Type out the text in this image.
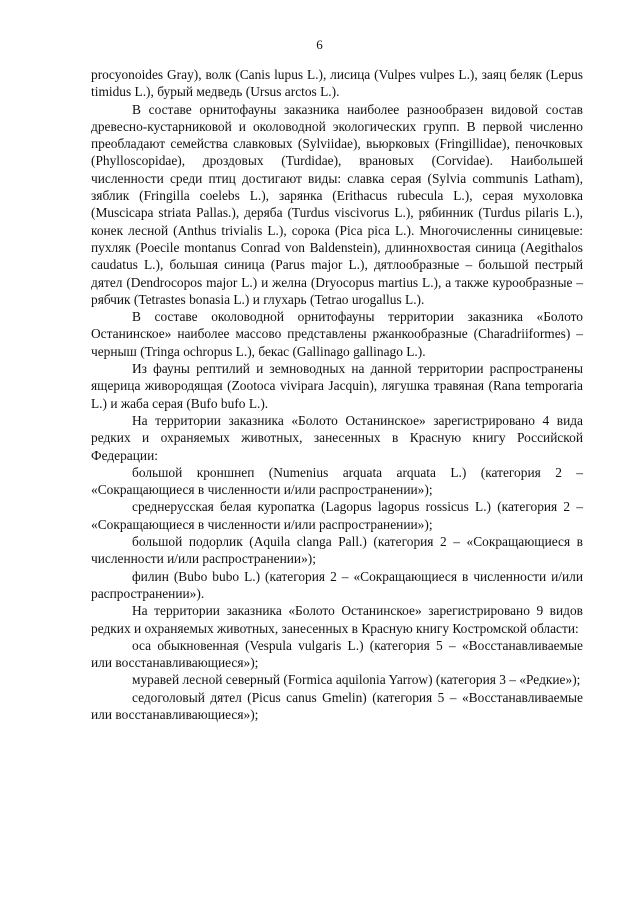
6

procyonoides Gray), волк (Canis lupus L.), лисица (Vulpes vulpes L.), заяц беляк (Lepus timidus L.), бурый медведь (Ursus arctos L.).

В составе орнитофауны заказника наиболее разнообразен видовой состав древесно-кустарниковой и околоводной экологических групп. В первой численно преобладают семейства славковых (Sylviidae), вьюрковых (Fringillidae), пеночковых (Phylloscopidae), дроздовых (Turdidae), врановых (Corvidae). Наибольшей численности среди птиц достигают виды: славка серая (Sylvia communis Latham), зяблик (Fringilla coelebs L.), зарянка (Erithacus rubecula L.), серая мухоловка (Muscicapa striata Pallas.), деряба (Turdus viscivorus L.), рябинник (Turdus pilaris L.), конек лесной (Anthus trivialis L.), сорока (Pica pica L.). Многочисленны синицевые: пухляк (Poecile montanus Conrad von Baldenstein), длиннохвостая синица (Aegithalos caudatus L.), большая синица (Parus major L.), дятлообразные – большой пестрый дятел (Dendrocopos major L.) и желна (Dryocopus martius L.), а также курообразные – рябчик (Tetrastes bonasia L.) и глухарь (Tetrao urogallus L.).

В составе околоводной орнитофауны территории заказника «Болото Останинское» наиболее массово представлены ржанкообразные (Charadriiformes) – черныш (Tringa ochropus L.), бекас (Gallinago gallinago L.).

Из фауны рептилий и земноводных на данной территории распространены ящерица живородящая (Zootoca vivipara Jacquin), лягушка травяная (Rana temporaria L.) и жаба серая (Bufo bufo L.).

На территории заказника «Болото Останинское» зарегистрировано 4 вида редких и охраняемых животных, занесенных в Красную книгу Российской Федерации:

большой кроншнеп (Numenius arquata arquata L.) (категория 2 – «Сокращающиеся в численности и/или распространении»);

среднерусская белая куропатка (Lagopus lagopus rossicus L.) (категория 2 – «Сокращающиеся в численности и/или распространении»);

большой подорлик (Aquila clanga Pall.) (категория 2 – «Сокращающиеся в численности и/или распространении»);

филин (Bubo bubo L.) (категория 2 – «Сокращающиеся в численности и/или распространении»).

На территории заказника «Болото Останинское» зарегистрировано 9 видов редких и охраняемых животных, занесенных в Красную книгу Костромской области:

оса обыкновенная (Vespula vulgaris L.) (категория 5 – «Восстанавливаемые или восстанавливающиеся»);

муравей лесной северный (Formica aquilonia Yarrow) (категория 3 – «Редкие»);

седоголовый дятел (Picus canus Gmelin) (категория 5 – «Восстанавливаемые или восстанавливающиеся»);
